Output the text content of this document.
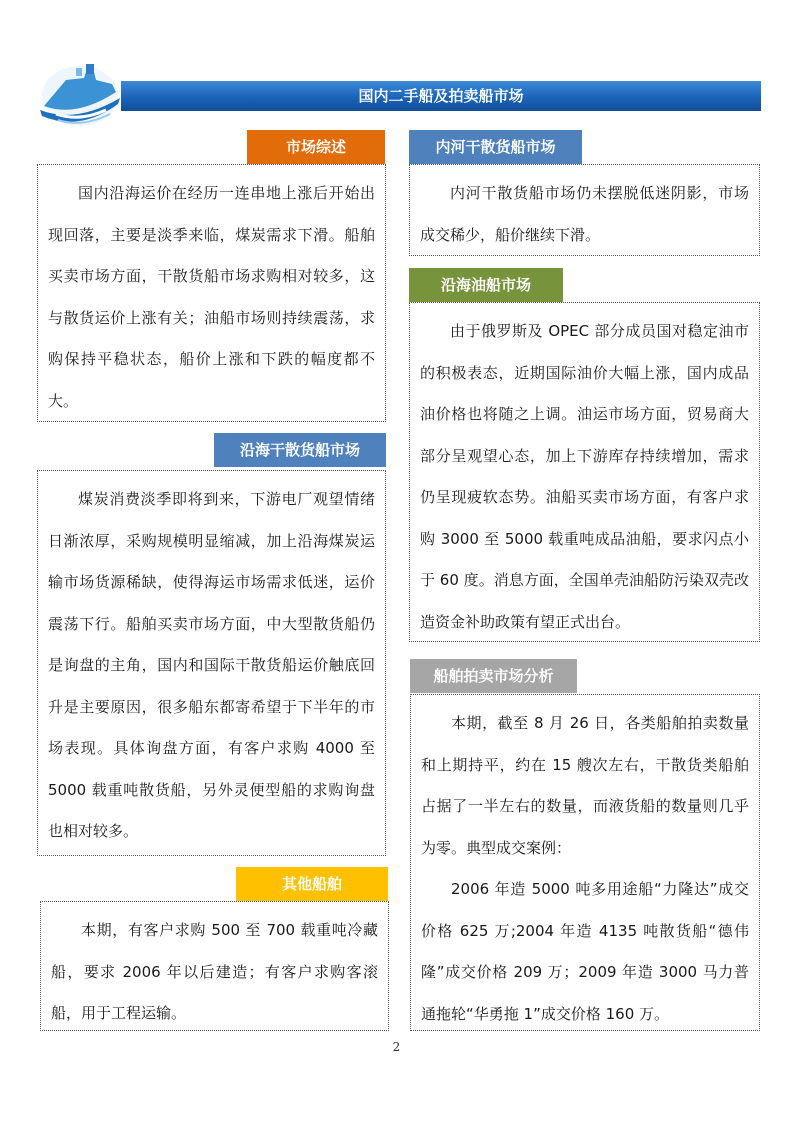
国内二手船及拍卖船市场
市场综述

国内沿海运价在经历一连串地上涨后开始出现回落，主要是淡季来临，煤炭需求下滑。船舶买卖市场方面，干散货船市场求购相对较多，这与散货运价上涨有关；油船市场则持续震荡，求购保持平稳状态，船价上涨和下跌的幅度都不大。

沿海干散货船市场

煤炭消费淡季即将到来，下游电厂观望情绪日渐浓厚，采购规模明显缩减，加上沿海煤炭运输市场货源稀缺，使得海运市场需求低迷，运价震荡下行。船舶买卖市场方面，中大型散货船仍是询盘的主角，国内和国际干散货船运价触底回升是主要原因，很多船东都寄希望于下半年的市场表现。具体询盘方面，有客户求购 4000 至 5000 载重吨散货船，另外灵便型船的求购询盘也相对较多。

其他船舶

本期，有客户求购 500 至 700 载重吨冷藏船，要求 2006 年以后建造；有客户求购客滚船，用于工程运输。

内河干散货船市场

内河干散货船市场仍未摆脱低迷阴影，市场成交稀少，船价继续下滑。

沿海油船市场

由于俄罗斯及 OPEC 部分成员国对稳定油市的积极表态，近期国际油价大幅上涨，国内成品油价格也将随之上调。油运市场方面，贸易商大部分呈观望心态，加上下游库存持续增加，需求仍呈现疲软态势。油船买卖市场方面，有客户求购 3000 至 5000 载重吨成品油船，要求闪点小于 60 度。消息方面，全国单壳油船防污染双壳改造资金补助政策有望正式出台。

船舶拍卖市场分析

本期，截至 8 月 26 日，各类船舶拍卖数量和上期持平，约在 15 艘次左右，干散货类船舶占据了一半左右的数量，而液货船的数量则几乎为零。典型成交案例：

2006 年造 5000 吨多用途船“力隆达”成交价格 625 万;2004 年造 4135 吨散货船“德伟隆”成交价格 209 万；2009 年造 3000 马力普通拖轮“华勇拖 1”成交价格 160 万。

2
